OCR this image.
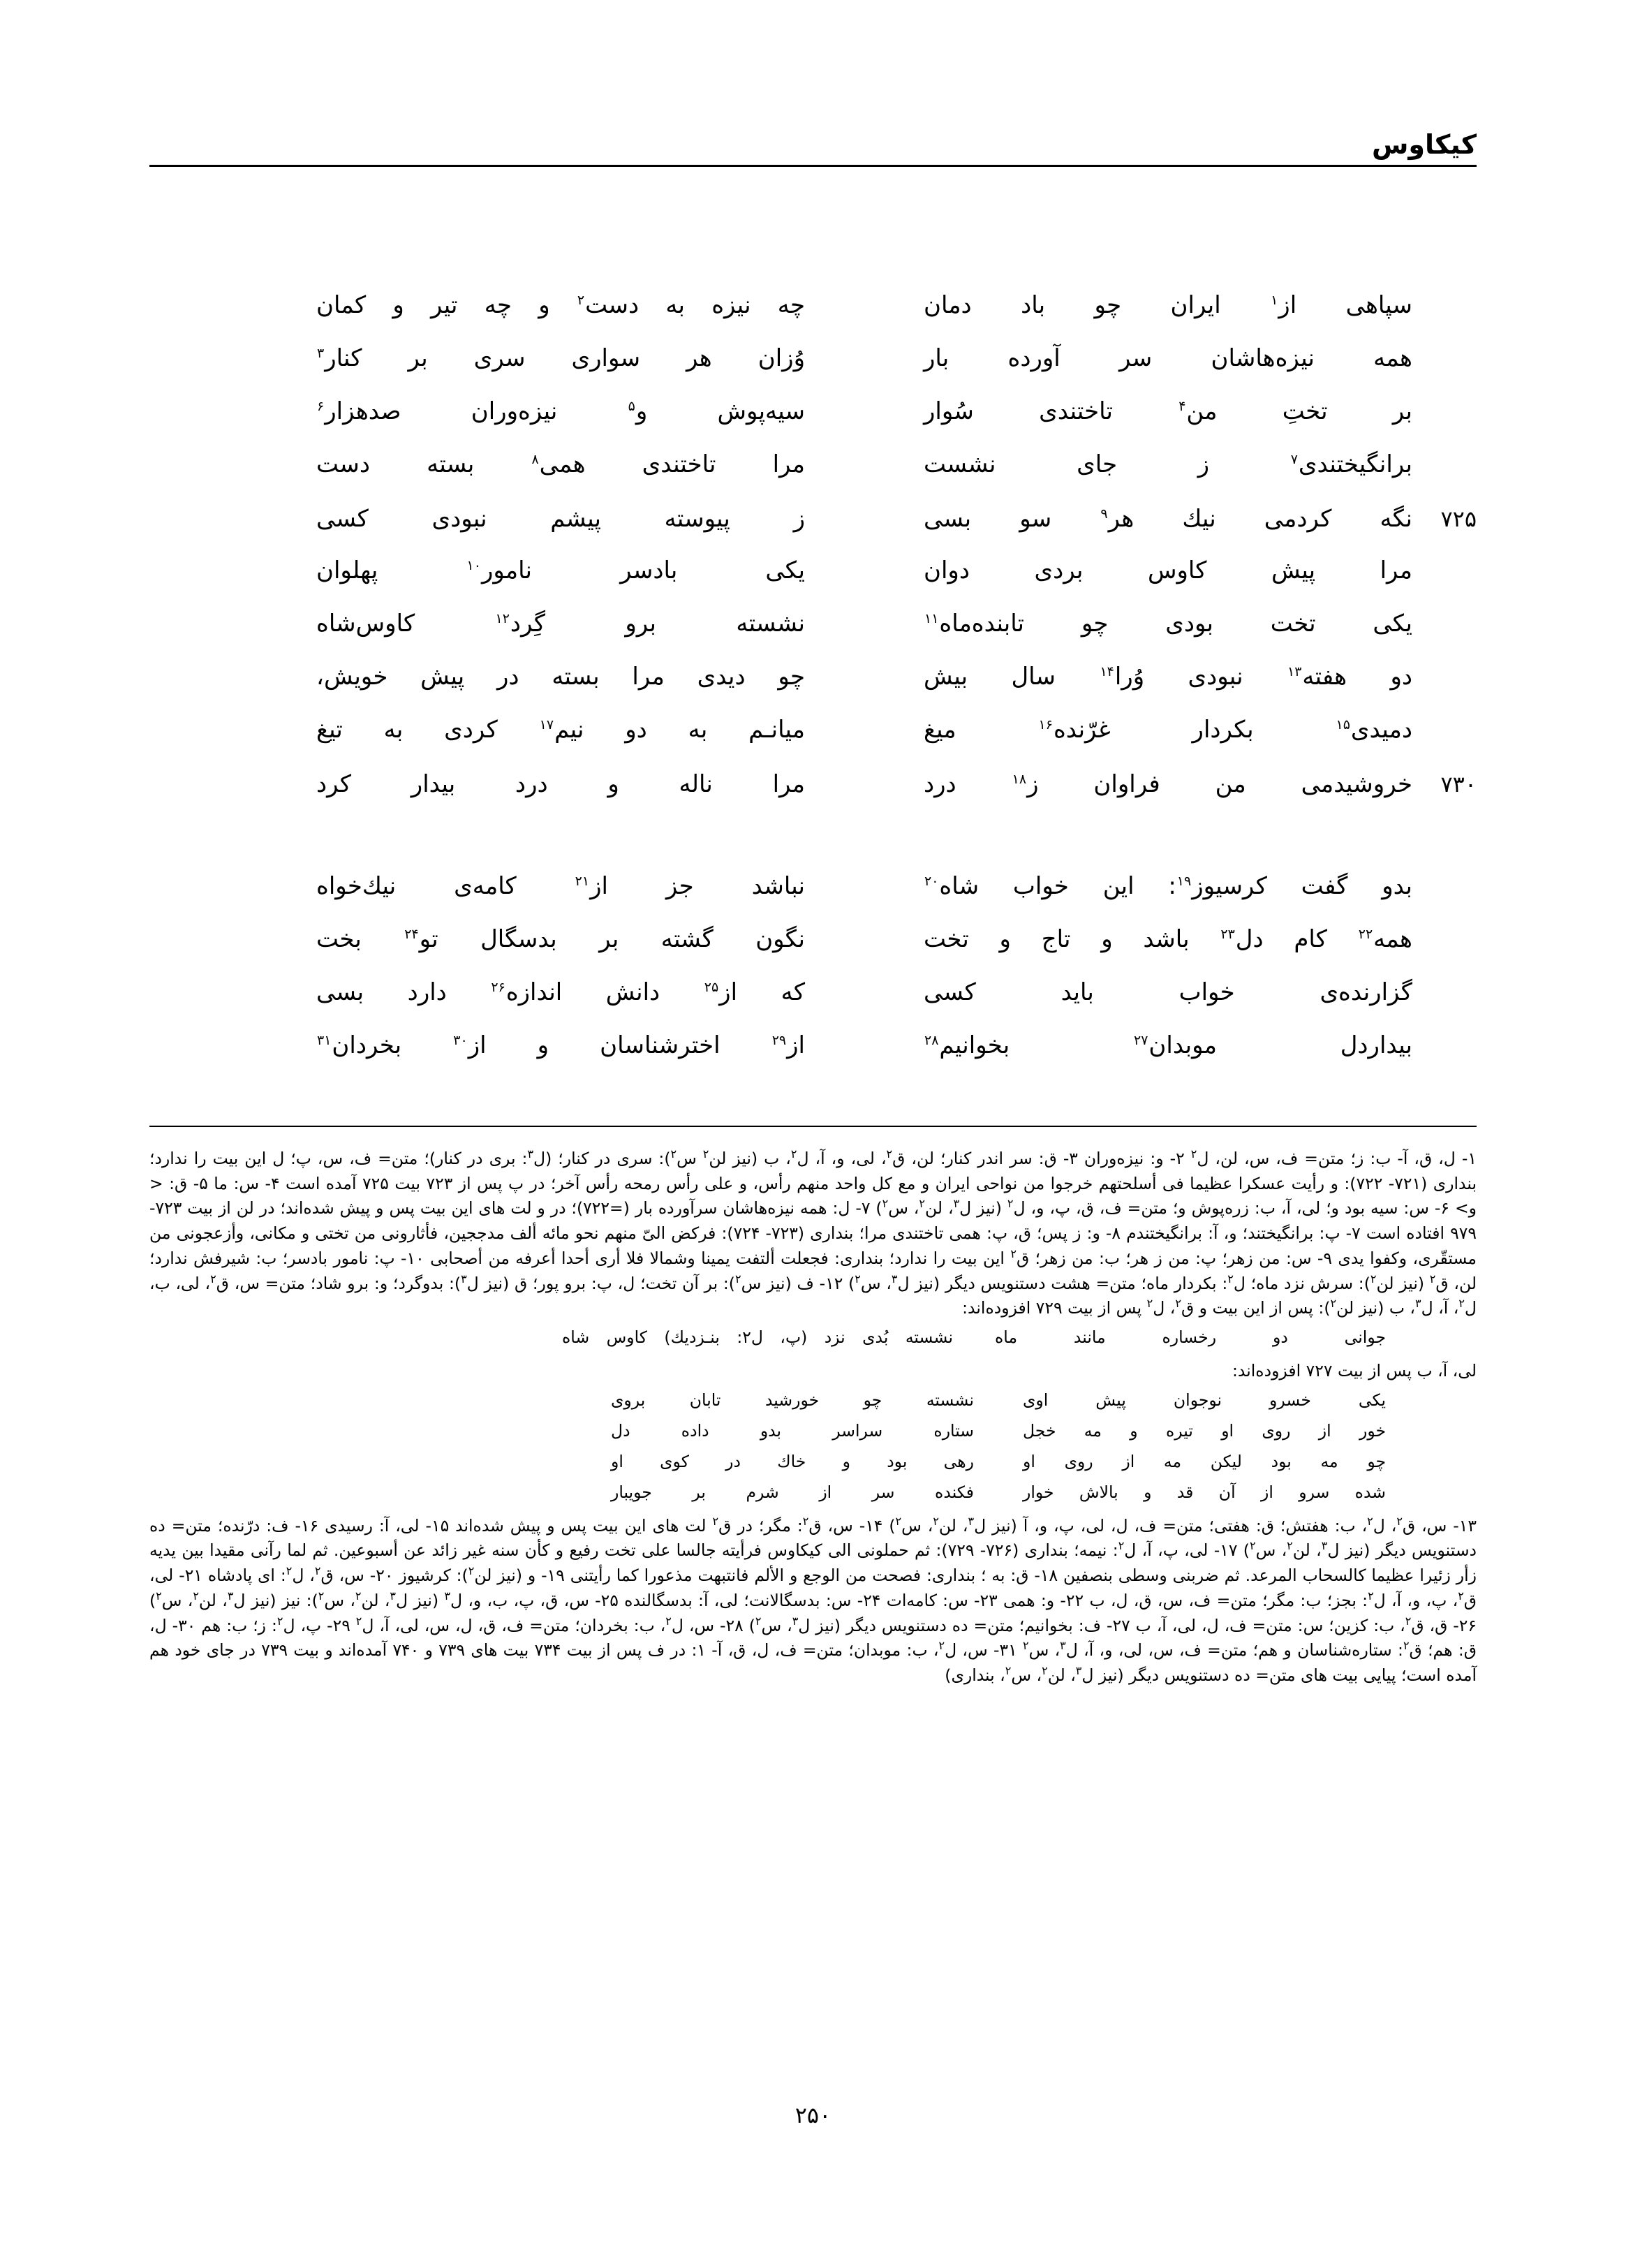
کیکاوس
سپاهی از$^۱$ ایران چو باد دمان
چه نیزه به دست$^۲$ و چه تیر و کمان
همه نیزه‌هاشان سر آورده بار
وُزان هر سواری سری بر کنار$^۳$
بر تختِ من$^۴$ تاختندی سُوار
سیه‌پوش و$^۵$ نیزه‌وران صدهزار$^۶$
برانگیختندی$^۷$ ز جای نشست
مرا تاختندی همی$^۸$ بسته دست
۷۲۵
نگه کردمی نیك هر$^۹$ سو بسی
ز پیوسته پیشم نبودی کسی
مرا پیش کاوس بردی دوان
یکی بادسر نامور$^{۱۰}$ پهلوان
یکی تخت بودی چو تابنده‌ماه$^{۱۱}$
نشسته برو گِرد$^{۱۲}$ کاوس‌شاه
دو هفته$^{۱۳}$ نبودی وُرا$^{۱۴}$ سال بیش
چو دیدی مرا بسته در پیش خویش،
دمیدی$^{۱۵}$ بکردار غرّنده$^{۱۶}$ میغ
میانـم به دو نیم$^{۱۷}$ کردی به تیغ
۷۳۰
خروشیدمی من فراوان ز$^{۱۸}$ درد
مرا ناله و درد بیدار کرد
بدو گفت کرسیوز$^{۱۹}$: این خواب شاه$^{۲۰}$
نباشد جز از$^{۲۱}$ کامه‌ی نیك‌خواه
همه$^{۲۲}$ کام دل$^{۲۳}$ باشد و تاج و تخت
نگون گشته بر بدسگال تو$^{۲۴}$ بخت
گزارنده‌ی خواب باید کسی
که از$^{۲۵}$ دانش اندازه$^{۲۶}$ دارد بسی
بیداردل موبدان$^{۲۷}$ بخوانیم$^{۲۸}$
از$^{۲۹}$ اخترشناسان و از$^{۳۰}$ بخردان$^{۳۱}$

۱- ل، ق، آ- ب: ز؛ متن= ف، س، لن، ل$^۲$ ۲- و: نیزه‌وران ۳- ق: سر اندر کنار؛ لن، ق$^۲$، لی، و، آ، ل$^۲$، ب (نیز لن$^۲$ س$^۲$): سری در کنار؛ (ل$^۳$: بری در کنار)؛ متن= ف، س، پ؛ ل این بیت را ندارد؛ بنداری (۷۲۱- ۷۲۲): و رأیت عسکرا عظیما فی أسلحتهم خرجوا من نواحی ایران و مع کل واحد منهم رأس، و علی رأس رمحه رأس آخر؛ در پ پس از ۷۲۳ بیت ۷۲۵ آمده است ۴- س: ما ۵- ق: < و> ۶- س: سیه بود و؛ لی، آ، ب: زره‌پوش و؛ متن= ف، ق، پ، و، ل$^۲$ (نیز ل$^۳$، لن$^۲$، س$^۲$) ۷- ل: همه نیزه‌هاشان سرآورده بار (=۷۲۲)؛ در و لت های این بیت پس و پیش شده‌اند؛ در لن از بیت ۷۲۳- ۹۷۹ افتاده است ۷- پ: برانگیختند؛ و، آ: برانگیختندم ۸- و: ز پس؛ ق، پ: همی تاختندی مرا؛ بنداری (۷۲۳- ۷۲۴): فرکض الیّ منهم نحو مائه ألف مدججین، فأثارونی من تختی و مکانی، وأزعجونی من مستقّری، وکفوا یدی ۹- س: من زهر؛ پ: من ز هر؛ ب: من زهر؛ ق$^۲$ این بیت را ندارد؛ بنداری: فجعلت ألتفت یمینا وشمالا فلا أری أحدا أعرفه من أصحابی ۱۰- پ: نامور بادسر؛ ب: شیرفش ندارد؛ لن، ق$^۲$ (نیز لن$^۲$): سرش نزد ماه؛ ل$^۲$: بکردار ماه؛ متن= هشت دستنویس دیگر (نیز ل$^۳$، س$^۲$) ۱۲- ف (نیز س$^۲$): بر آن تخت؛ ل، پ: برو پور؛ ق (نیز ل$^۳$): بدوگرد؛ و: برو شاد؛ متن= س، ق$^۲$، لی، ب، ل$^۲$، آ، ل$^۳$، ب (نیز لن$^۲$): پس از این بیت و ق$^۲$، ل$^۲$ پس از بیت ۷۲۹ افزوده‌اند:

جوانی دو رخساره مانند ماه
نشسته بُدی نزد (پ، ل۲: بنـزدیك) کاوس شاه

لی، آ، ب پس از بیت ۷۲۷ افزوده‌اند:

یکی خسرو نوجوان پیش اوی
نشسته چو خورشید تابان بروی
خور از روی او تیره و مه خجل
ستاره سراسر بدو داده دل
چو مه بود لیکن مه از روی او
رهی بود و خاك در کوی او
شده سرو از آن قد و بالاش خوار
فکنده سر از شرم بر جویبار

۱۳- س، ق$^۲$، ل$^۲$، ب: هفتش؛ ق: هفتی؛ متن= ف، ل، لی، پ، و، آ (نیز ل$^۳$، لن$^۲$، س$^۲$) ۱۴- س، ق$^۲$: مگر؛ در ق$^۲$ لت های این بیت پس و پیش شده‌اند ۱۵- لی، آ: رسیدی ۱۶- ف: درّنده؛ متن= ده دستنویس دیگر (نیز ل$^۳$، لن$^۲$، س$^۲$) ۱۷- لی، پ، آ، ل$^۲$: نیمه؛ بنداری (۷۲۶- ۷۲۹): ثم حملونی الی کیکاوس فرأیته جالسا علی تخت رفیع و کأن سنه غیر زائد عن أسبوعین. ثم لما رآنی مقیدا بین یدیه زأر زئیرا عظیما کالسحاب المرعد. ثم ضربنی وسطی بنصفین ۱۸- ق: به ؛ بنداری: فصحت من الوجع و الألم فانتبهت مذعورا کما رأیتنی ۱۹- و (نیز لن$^۲$): کرشیوز ۲۰- س، ق$^۲$، ل$^۲$: ای پادشاه ۲۱- لی، ق$^۲$، پ، و، آ، ل$^۲$: بجز؛ ب: مگر؛ متن= ف، س، ق، ل، ب ۲۲- و: همی ۲۳- س: کامه‌ات ۲۴- س: بدسگالانت؛ لی، آ: بدسگالنده ۲۵- س، ق، پ، ب، و، ل$^۳$ (نیز ل$^۳$، لن$^۲$، س$^۲$): نیز (نیز ل$^۳$، لن$^۲$، س$^۲$) ۲۶- ق، ق$^۲$، ب: کزین؛ س: متن= ف، ل، لی، آ، ب ۲۷- ف: بخوانیم؛ متن= ده دستنویس دیگر (نیز ل$^۳$، س$^۲$) ۲۸- س، ل$^۲$، ب: بخردان؛ متن= ف، ق، ل، س، لی، آ، ل$^۲$ ۲۹- پ، ل$^۲$: ز؛ ب: هم ۳۰- ل، ق: هم؛ ق$^۲$: ستاره‌شناسان و هم؛ متن= ف، س، لی، و، آ، ل$^۳$، س$^۲$ ۳۱- س، ل$^۲$، ب: موبدان؛ متن= ف، ل، ق، آ- ۱: در ف پس از بیت ۷۳۴ بیت های ۷۳۹ و ۷۴۰ آمده‌اند و بیت ۷۳۹ در جای خود هم آمده است؛ پیایی بیت های متن= ده دستنویس دیگر (نیز ل$^۳$، لن$^۲$، س$^۲$، بنداری)

۲۵۰
